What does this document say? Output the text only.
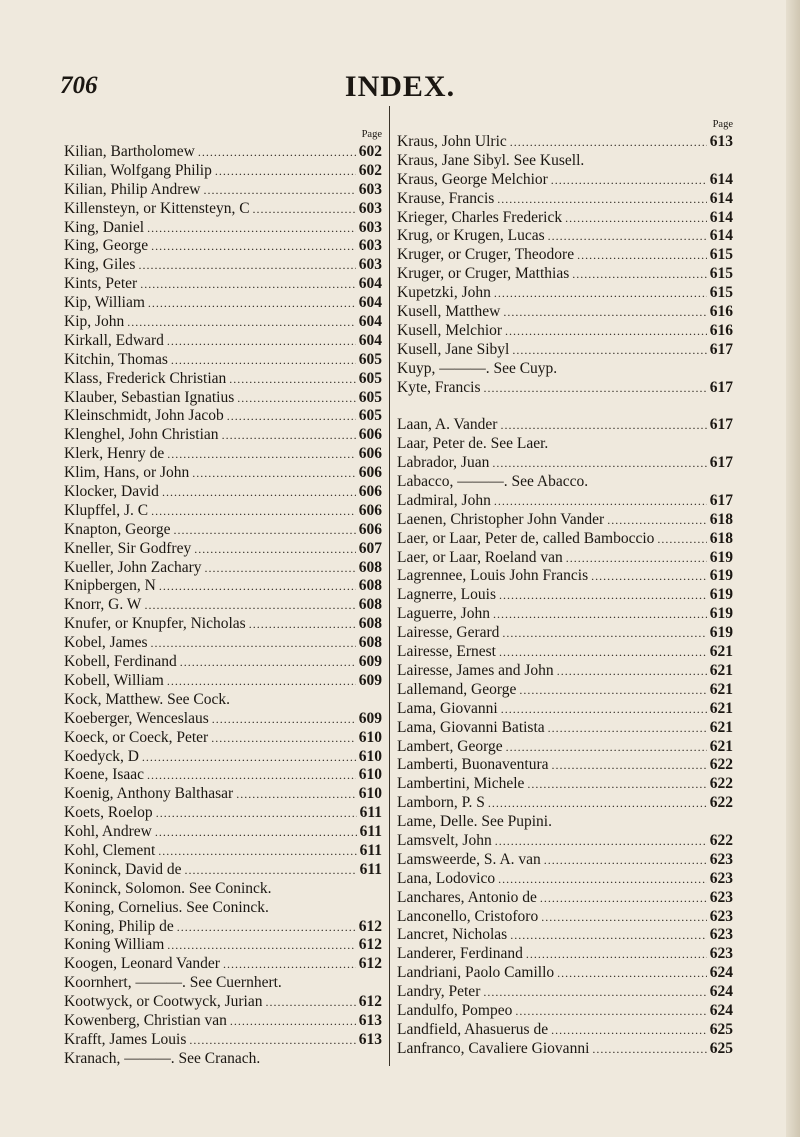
706	INDEX.
Page
Kilian, Bartholomew .....	602
Kilian, Wolfgang Philip .....	602
Kilian, Philip Andrew .....	603
Killensteyn, or Kittensteyn, C .....	603
King, Daniel .....	603
King, George .....	603
King, Giles .....	603
Kints, Peter .....	604
Kip, William .....	604
Kip, John .....	604
Kirkall, Edward .....	604
Kitchin, Thomas .....	605
Klass, Frederick Christian .....	605
Klauber, Sebastian Ignatius .....	605
Kleinschmidt, John Jacob .....	605
Klenghel, John Christian .....	606
Klerk, Henry de .....	606
Klim, Hans, or John .....	606
Klocker, David .....	606
Klupffel, J. C .....	606
Knapton, George .....	606
Kneller, Sir Godfrey .....	607
Kueller, John Zachary .....	608
Knipbergen, N .....	608
Knorr, G. W .....	608
Knufer, or Knupfer, Nicholas .....	608
Kobel, James .....	608
Kobell, Ferdinand .....	609
Kobell, William .....	609
Kock, Matthew. See Cock.
Koeberger, Wenceslaus .....	609
Koeck, or Coeck, Peter .....	610
Koedyck, D .....	610
Koene, Isaac .....	610
Koenig, Anthony Balthasar .....	610
Koets, Roelop .....	611
Kohl, Andrew .....	611
Kohl, Clement .....	611
Koninck, David de .....	611
Koninck, Solomon. See Coninck.
Koning, Cornelius. See Coninck.
Koning, Philip de .....	612
Koning William .....	612
Koogen, Leonard Vander .....	612
Koornhert, ———. See Cuernhert.
Kootwyck, or Cootwyck, Jurian .....	612
Kowenberg, Christian van .....	613
Krafft, James Louis .....	613
Kranach, ———. See Cranach.
Page
Kraus, John Ulric .....	613
Kraus, Jane Sibyl. See Kusell.
Kraus, George Melchior .....	614
Krause, Francis .....	614
Krieger, Charles Frederick .....	614
Krug, or Krugen, Lucas .....	614
Kruger, or Cruger, Theodore .....	615
Kruger, or Cruger, Matthias .....	615
Kupetzki, John .....	615
Kusell, Matthew .....	616
Kusell, Melchior .....	616
Kusell, Jane Sibyl .....	617
Kuyp, ———. See Cuyp.
Kyte, Francis .....	617
Laan, A. Vander .....	617
Laar, Peter de. See Laer.
Labrador, Juan .....	617
Labacco, ———. See Abacco.
Ladmiral, John .....	617
Laenen, Christopher John Vander .....	618
Laer, or Laar, Peter de, called Bamboccio .....	618
Laer, or Laar, Roeland van .....	619
Lagrennee, Louis John Francis .....	619
Lagnerre, Louis .....	619
Laguerre, John .....	619
Lairesse, Gerard .....	619
Lairesse, Ernest .....	621
Lairesse, James and John .....	621
Lallemand, George .....	621
Lama, Giovanni .....	621
Lama, Giovanni Batista .....	621
Lambert, George .....	621
Lamberti, Buonaventura .....	622
Lambertini, Michele .....	622
Lamborn, P. S .....	622
Lame, Delle. See Pupini.
Lamsvelt, John .....	622
Lamsweerde, S. A. van .....	623
Lana, Lodovico .....	623
Lanchares, Antonio de .....	623
Lanconello, Cristoforo .....	623
Lancret, Nicholas .....	623
Landerer, Ferdinand .....	623
Landriani, Paolo Camillo .....	624
Landry, Peter .....	624
Landulfo, Pompeo .....	624
Landfield, Ahasuerus de .....	625
Lanfranco, Cavaliere Giovanni .....	625
